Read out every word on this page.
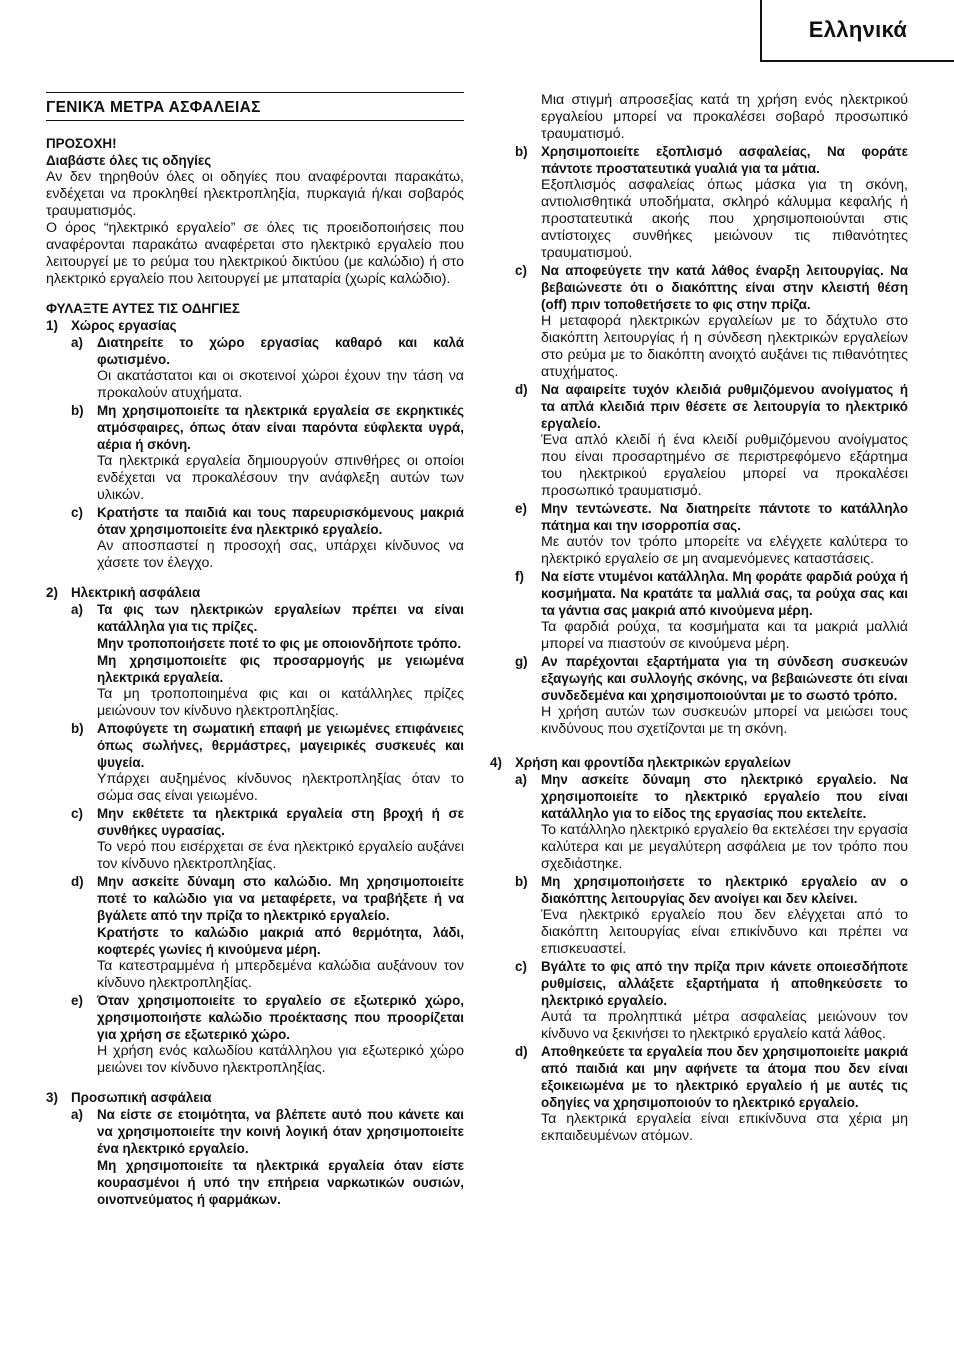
Ελληνικά
ΓΕΝΙΚΆ ΜΕΤΡΑ ΑΣΦΑΛΕΙΑΣ
ΠΡΟΣΟΧΗ!
Διαβάστε όλες τις οδηγίες

Αν δεν τηρηθούν όλες οι οδηγίες που αναφέρονται παρακάτω, ενδέχεται να προκληθεί ηλεκτροπληξία, πυρκαγιά ή/και σοβαρός τραυματισμός.

Ο όρος “ηλεκτρικό εργαλείο” σε όλες τις προειδοποιήσεις που αναφέρονται παρακάτω αναφέρεται στο ηλεκτρικό εργαλείο που λειτουργεί με το ρεύμα του ηλεκτρικού δικτύου (με καλώδιο) ή στο ηλεκτρικό εργαλείο που λειτουργεί με μπαταρία (χωρίς καλώδιο).

ΦΥΛΑΞΤΕ ΑΥΤΕΣ ΤΙΣ ΟΔΗΓΙΕΣ
1) Χώρος εργασίας
a)	Διατηρείτε το χώρο εργασίας καθαρό και καλά φωτισμένο.
Οι ακατάστατοι και οι σκοτεινοί χώροι έχουν την τάση να προκαλούν ατυχήματα.
b) Μη χρησιμοποιείτε τα ηλεκτρικά εργαλεία σε εκρηκτικές ατμόσφαιρες, όπως όταν είναι παρόντα εύφλεκτα υγρά, αέρια ή σκόνη.
Τα ηλεκτρικά εργαλεία δημιουργούν σπινθήρες οι οποίοι ενδέχεται να προκαλέσουν την ανάφλεξη αυτών των υλικών.
c)	Κρατήστε τα παιδιά και τους παρευρισκόμενους μακριά όταν χρησιμοποιείτε ένα ηλεκτρικό εργαλείο.
Αν αποσπαστεί η προσοχή σας, υπάρχει κίνδυνος να χάσετε τον έλεγχο.
2) Ηλεκτρική ασφάλεια
a)	Τα φις των ηλεκτρικών εργαλείων πρέπει να είναι κατάλληλα για τις πρίζες.
Μην τροποποιήσετε ποτέ το φις με οποιονδήποτε τρόπο.
Μη χρησιμοποιείτε φις προσαρμογής με γειωμένα ηλεκτρικά εργαλεία.
Τα μη τροποποιημένα φις και οι κατάλληλες πρίζες μειώνουν τον κίνδυνο ηλεκτροπληξίας.
b) Αποφύγετε τη σωματική επαφή με γειωμένες επιφάνειες όπως σωλήνες, θερμάστρες, μαγειρικές συσκευές και ψυγεία.
Υπάρχει αυξημένος κίνδυνος ηλεκτροπληξίας όταν το σώμα σας είναι γειωμένο.
c)	Μην εκθέτετε τα ηλεκτρικά εργαλεία στη βροχή ή σε συνθήκες υγρασίας.
Το νερό που εισέρχεται σε ένα ηλεκτρικό εργαλείο αυξάνει τον κίνδυνο ηλεκτροπληξίας.
d) Μην ασκείτε δύναμη στο καλώδιο. Μη χρησιμοποιείτε ποτέ το καλώδιο για να μεταφέρετε, να τραβήξετε ή να βγάλετε από την πρίζα το ηλεκτρικό εργαλείο.
Κρατήστε το καλώδιο μακριά από θερμότητα, λάδι, κοφτερές γωνίες ή κινούμενα μέρη.
Τα κατεστραμμένα ή μπερδεμένα καλώδια αυξάνουν τον κίνδυνο ηλεκτροπληξίας.
e)	Όταν χρησιμοποιείτε το εργαλείο σε εξωτερικό χώρο, χρησιμοποιήστε καλώδιο προέκτασης που προορίζεται για χρήση σε εξωτερικό χώρο.
Η χρήση ενός καλωδίου κατάλληλου για εξωτερικό χώρο μειώνει τον κίνδυνο ηλεκτροπληξίας.
3) Προσωπική ασφάλεια
a)	Να είστε σε ετοιμότητα, να βλέπετε αυτό που κάνετε και να χρησιμοποιείτε την κοινή λογική όταν χρησιμοποιείτε ένα ηλεκτρικό εργαλείο.
Μη χρησιμοποιείτε τα ηλεκτρικά εργαλεία όταν είστε κουρασμένοι ή υπό την επήρεια ναρκωτικών ουσιών, οινοπνεύματος ή φαρμάκων.
Μια στιγμή απροσεξίας κατά τη χρήση ενός ηλεκτρικού εργαλείου μπορεί να προκαλέσει σοβαρό προσωπικό τραυματισμό.
b) Χρησιμοποιείτε εξοπλισμό ασφαλείας, Να φοράτε πάντοτε προστατευτικά γυαλιά για τα μάτια.
Εξοπλισμός ασφαλείας όπως μάσκα για τη σκόνη, αντιολισθητικά υποδήματα, σκληρό κάλυμμα κεφαλής ή προστατευτικά ακοής που χρησιμοποιούνται στις αντίστοιχες συνθήκες μειώνουν τις πιθανότητες τραυματισμού.
c)	Να αποφεύγετε την κατά λάθος έναρξη λειτουργίας. Να βεβαιώνεστε ότι ο διακόπτης είναι στην κλειστή θέση (off) πριν τοποθετήσετε το φις στην πρίζα.
Η μεταφορά ηλεκτρικών εργαλείων με το δάχτυλο στο διακόπτη λειτουργίας ή η σύνδεση ηλεκτρικών εργαλείων στο ρεύμα με το διακόπτη ανοιχτό αυξάνει τις πιθανότητες ατυχήματος.
d) Να αφαιρείτε τυχόν κλειδιά ρυθμιζόμενου ανοίγματος ή τα απλά κλειδιά πριν θέσετε σε λειτουργία το ηλεκτρικό εργαλείο.
Ένα απλό κλειδί ή ένα κλειδί ρυθμιζόμενου ανοίγματος που είναι προσαρτημένο σε περιστρεφόμενο εξάρτημα του ηλεκτρικού εργαλείου μπορεί να προκαλέσει προσωπικό τραυματισμό.
e)	Μην τεντώνεστε. Να διατηρείτε πάντοτε το κατάλληλο πάτημα και την ισορροπία σας.
Με αυτόν τον τρόπο μπορείτε να ελέγχετε καλύτερα το ηλεκτρικό εργαλείο σε μη αναμενόμενες καταστάσεις.
f)	Να είστε ντυμένοι κατάλληλα. Μη φοράτε φαρδιά ρούχα ή κοσμήματα. Να κρατάτε τα μαλλιά σας, τα ρούχα σας και τα γάντια σας μακριά από κινούμενα μέρη.
Τα φαρδιά ρούχα, τα κοσμήματα και τα μακριά μαλλιά μπορεί να πιαστούν σε κινούμενα μέρη.
g) Αν παρέχονται εξαρτήματα για τη σύνδεση συσκευών εξαγωγής και συλλογής σκόνης, να βεβαιώνεστε ότι είναι συνδεδεμένα και χρησιμοποιούνται με το σωστό τρόπο.
Η χρήση αυτών των συσκευών μπορεί να μειώσει τους κινδύνους που σχετίζονται με τη σκόνη.
4) Χρήση και φροντίδα ηλεκτρικών εργαλείων
a)	Μην ασκείτε δύναμη στο ηλεκτρικό εργαλείο. Να χρησιμοποιείτε το ηλεκτρικό εργαλείο που είναι κατάλληλο για το είδος της εργασίας που εκτελείτε.
Το κατάλληλο ηλεκτρικό εργαλείο θα εκτελέσει την εργασία καλύτερα και με μεγαλύτερη ασφάλεια με τον τρόπο που σχεδιάστηκε.
b) Μη χρησιμοποιήσετε το ηλεκτρικό εργαλείο αν ο διακόπτης λειτουργίας δεν ανοίγει και δεν κλείνει.
Ένα ηλεκτρικό εργαλείο που δεν ελέγχεται από το διακόπτη λειτουργίας είναι επικίνδυνο και πρέπει να επισκευαστεί.
c)	Βγάλτε το φις από την πρίζα πριν κάνετε οποιεσδήποτε ρυθμίσεις, αλλάξετε εξαρτήματα ή αποθηκεύσετε το ηλεκτρικό εργαλείο.
Αυτά τα προληπτικά μέτρα ασφαλείας μειώνουν τον κίνδυνο να ξεκινήσει το ηλεκτρικό εργαλείο κατά λάθος.
d) Αποθηκεύετε τα εργαλεία που δεν χρησιμοποιείτε μακριά από παιδιά και μην αφήνετε τα άτομα που δεν είναι εξοικειωμένα με το ηλεκτρικό εργαλείο ή με αυτές τις οδηγίες να χρησιμοποιούν το ηλεκτρικό εργαλείο.
Τα ηλεκτρικά εργαλεία είναι επικίνδυνα στα χέρια μη εκπαιδευμένων ατόμων.
